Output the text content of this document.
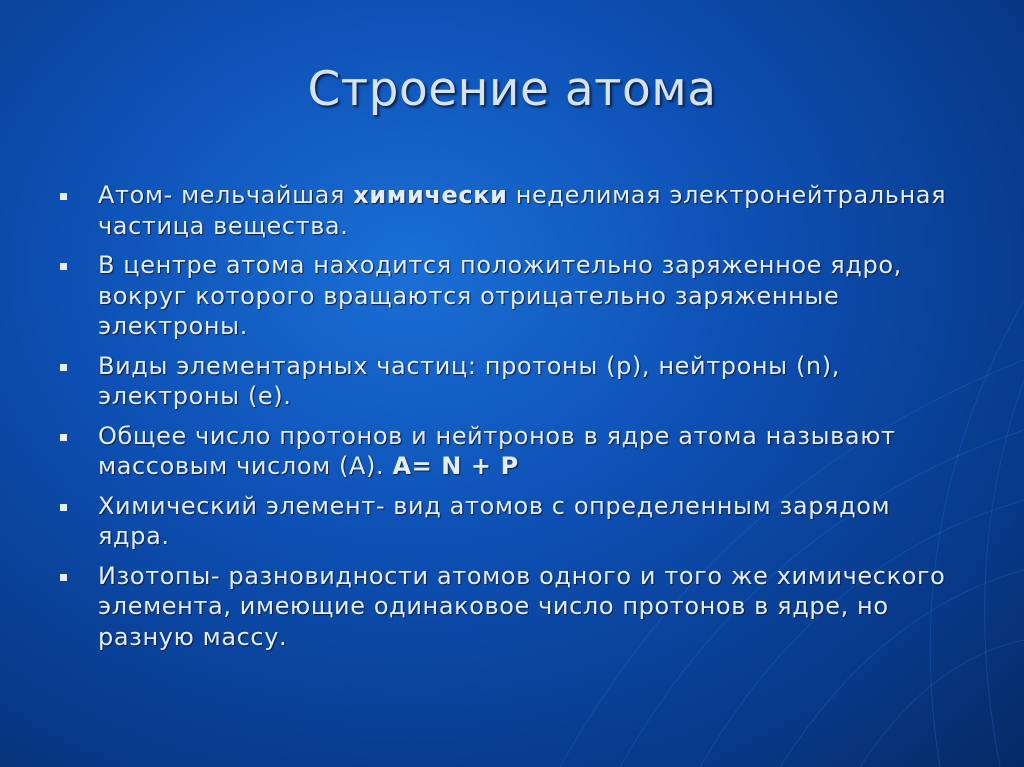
Строение атома
Атом- мельчайшая химически неделимая электронейтральная частица вещества.
В центре атома находится положительно заряженное ядро, вокруг которого вращаются отрицательно заряженные электроны.
Виды элементарных частиц: протоны (р), нейтроны (n), электроны (е).
Общее число протонов и нейтронов в ядре атома называют массовым числом (А). А= N + P
Химический элемент- вид атомов с определенным зарядом ядра.
Изотопы- разновидности атомов одного и того же химического элемента, имеющие одинаковое число протонов в ядре, но разную массу.
